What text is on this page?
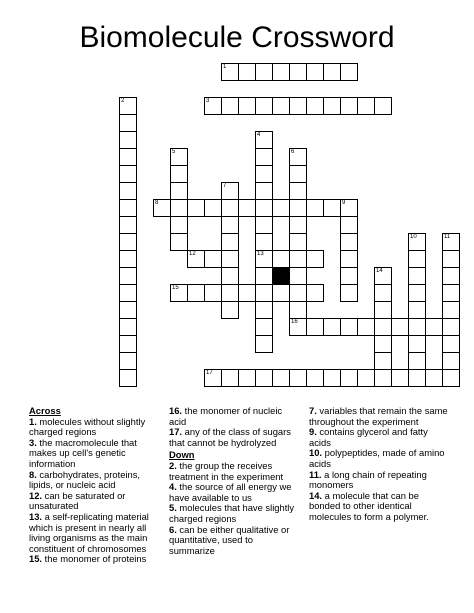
Biomolecule Crossword
1
2	3
4
13
5	6
7
8	9
10	11
12
14
15
16
17
Across

1. molecules without slightly charged regions

3. the macromolecule that makes up cell's genetic information

8. carbohydrates, proteins, lipids, or nucleic acid

12. can be saturated or unsaturated

13. a self-replicating material which is present in nearly all living organisms as the main constituent of chromosomes

15. the monomer of proteins

16. the monomer of nucleic acid

17. any of the class of sugars that cannot be hydrolyzed

Down

2. the group the receives treatment in the experiment

4. the source of all energy we have available to us

5. molecules that have slightly charged regions

6. can be either qualitative or quantitative, used to summarize

7. variables that remain the same throughout the experiment

9. contains glycerol and fatty acids

10. polypeptides, made of amino acids

11. a long chain of repeating monomers

14. a molecule that can be bonded to other identical molecules to form a polymer.
